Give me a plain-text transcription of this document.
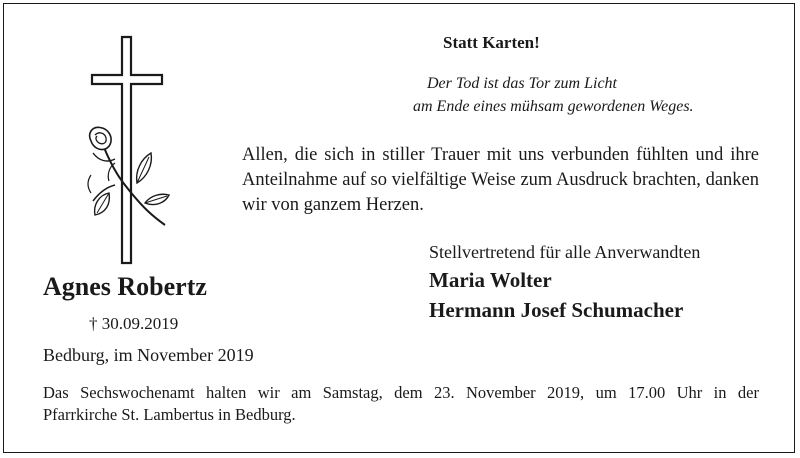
Statt Karten!
Der Tod ist das Tor zum Licht
am Ende eines mühsam gewordenen Weges.
Allen, die sich in stiller Trauer mit uns verbunden fühlten und ihre Anteilnahme auf so vielfältige Weise zum Ausdruck brachten, danken wir von ganzem Herzen.
Stellvertretend für alle Anverwandten
Maria Wolter
Hermann Josef Schumacher
Agnes Robertz
† 30.09.2019
Bedburg, im November 2019
Das Sechswochenamt halten wir am Samstag, dem 23. November 2019, um 17.00 Uhr in der
Pfarrkirche St. Lambertus in Bedburg.
